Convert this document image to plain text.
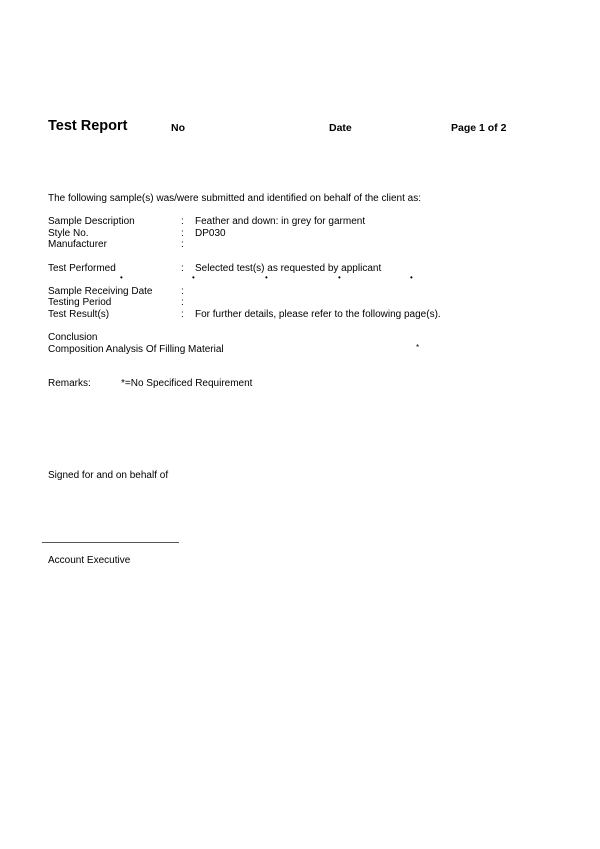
Test Report	No	Date	Page 1 of 2
The following sample(s) was/were submitted and identified on behalf of the client as:
Sample Description	: Feather and down: in grey for garment
Style No.	: DP030
Manufacturer	:
Test Performed	: Selected test(s) as requested by applicant
•	•	•	•	•
Sample Receiving Date	:
Testing Period	:
Test Result(s)	: For further details, please refer to the following page(s).
Conclusion
Composition Analysis Of Filling Material	*
Remarks:	*=No Specificed Requirement
Signed for and on behalf of
Account Executive
